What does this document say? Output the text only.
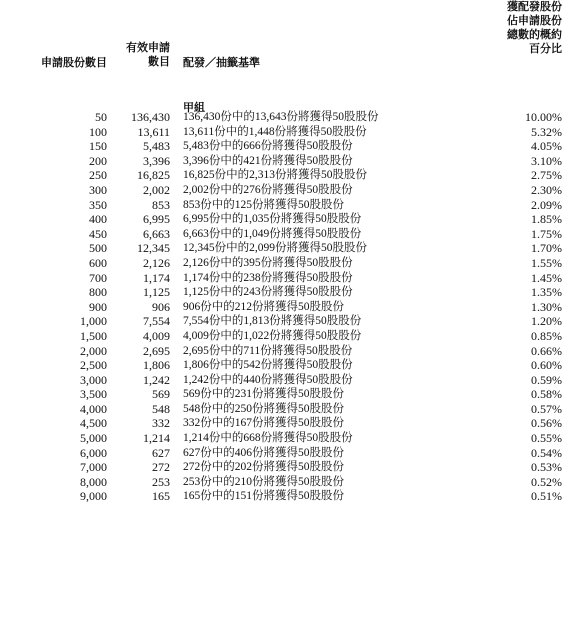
申請股份數目
有效申請
數目 配發／抽籤基準
獲配發股份
佔申請股份
總數的概約
百分比
甲組
50	136,430 136,430份中的13,643份將獲得50股股份	10.00%
100	13,611 13,611份中的1,448份將獲得50股股份	5.32%
150	5,483 5,483份中的666份將獲得50股股份	4.05%
200	3,396 3,396份中的421份將獲得50股股份	3.10%
250	16,825 16,825份中的2,313份將獲得50股股份	2.75%
300	2,002 2,002份中的276份將獲得50股股份	2.30%
350	853 853份中的125份將獲得50股股份	2.09%
400	6,995 6,995份中的1,035份將獲得50股股份	1.85%
450	6,663 6,663份中的1,049份將獲得50股股份	1.75%
500	12,345 12,345份中的2,099份將獲得50股股份	1.70%
600	2,126 2,126份中的395份將獲得50股股份	1.55%
700	1,174 1,174份中的238份將獲得50股股份	1.45%
800	1,125 1,125份中的243份將獲得50股股份	1.35%
900	906 906份中的212份將獲得50股股份	1.30%
1,000	7,554 7,554份中的1,813份將獲得50股股份	1.20%
1,500	4,009 4,009份中的1,022份將獲得50股股份	0.85%
2,000	2,695 2,695份中的711份將獲得50股股份	0.66%
2,500	1,806 1,806份中的542份將獲得50股股份	0.60%
3,000	1,242 1,242份中的440份將獲得50股股份	0.59%
3,500	569 569份中的231份將獲得50股股份	0.58%
4,000	548 548份中的250份將獲得50股股份	0.57%
4,500	332 332份中的167份將獲得50股股份	0.56%
5,000	1,214 1,214份中的668份將獲得50股股份	0.55%
6,000	627 627份中的406份將獲得50股股份	0.54%
7,000	272 272份中的202份將獲得50股股份	0.53%
8,000	253 253份中的210份將獲得50股股份	0.52%
9,000	165 165份中的151份將獲得50股股份	0.51%
